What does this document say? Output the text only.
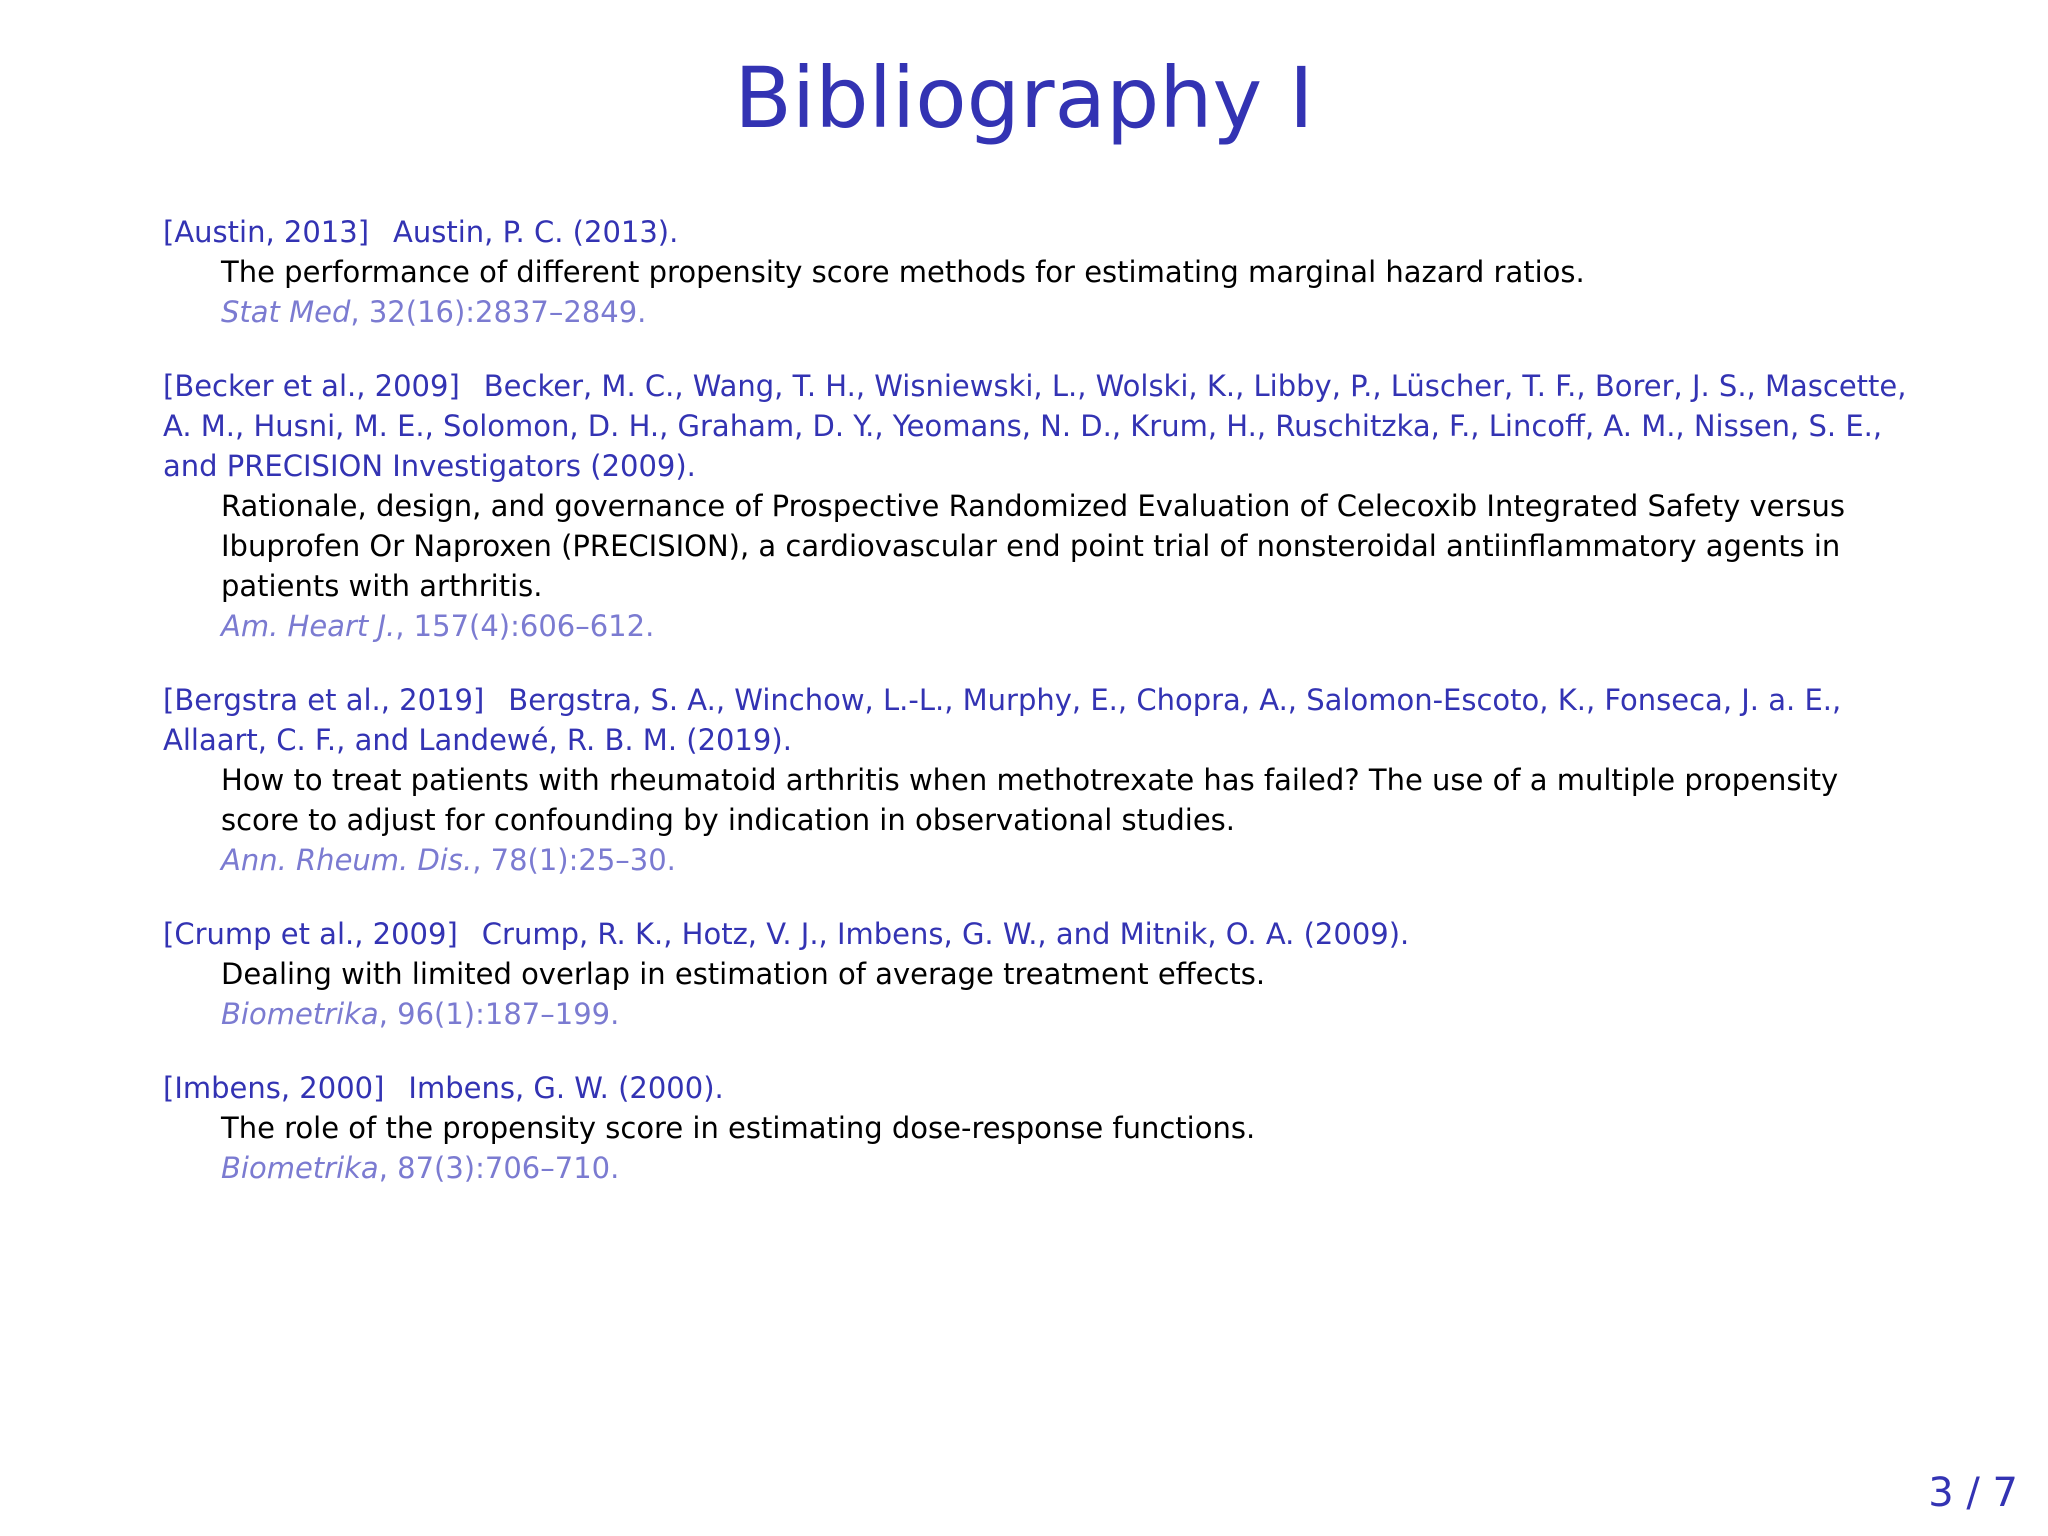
Bibliography I
[Austin, 2013] Austin, P. C. (2013).
The performance of different propensity score methods for estimating marginal hazard ratios.
Stat Med, 32(16):2837–2849.
[Becker et al., 2009] Becker, M. C., Wang, T. H., Wisniewski, L., Wolski, K., Libby, P., Lüscher, T. F., Borer, J. S., Mascette, A. M., Husni, M. E., Solomon, D. H., Graham, D. Y., Yeomans, N. D., Krum, H., Ruschitzka, F., Lincoff, A. M., Nissen, S. E., and PRECISION Investigators (2009).
Rationale, design, and governance of Prospective Randomized Evaluation of Celecoxib Integrated Safety versus Ibuprofen Or Naproxen (PRECISION), a cardiovascular end point trial of nonsteroidal antiinflammatory agents in patients with arthritis.
Am. Heart J., 157(4):606–612.
[Bergstra et al., 2019] Bergstra, S. A., Winchow, L.-L., Murphy, E., Chopra, A., Salomon-Escoto, K., Fonseca, J. a. E., Allaart, C. F., and Landewé, R. B. M. (2019).
How to treat patients with rheumatoid arthritis when methotrexate has failed? The use of a multiple propensity score to adjust for confounding by indication in observational studies.
Ann. Rheum. Dis., 78(1):25–30.
[Crump et al., 2009] Crump, R. K., Hotz, V. J., Imbens, G. W., and Mitnik, O. A. (2009).
Dealing with limited overlap in estimation of average treatment effects.
Biometrika, 96(1):187–199.
[Imbens, 2000] Imbens, G. W. (2000).
The role of the propensity score in estimating dose-response functions.
Biometrika, 87(3):706–710.
3 / 7
